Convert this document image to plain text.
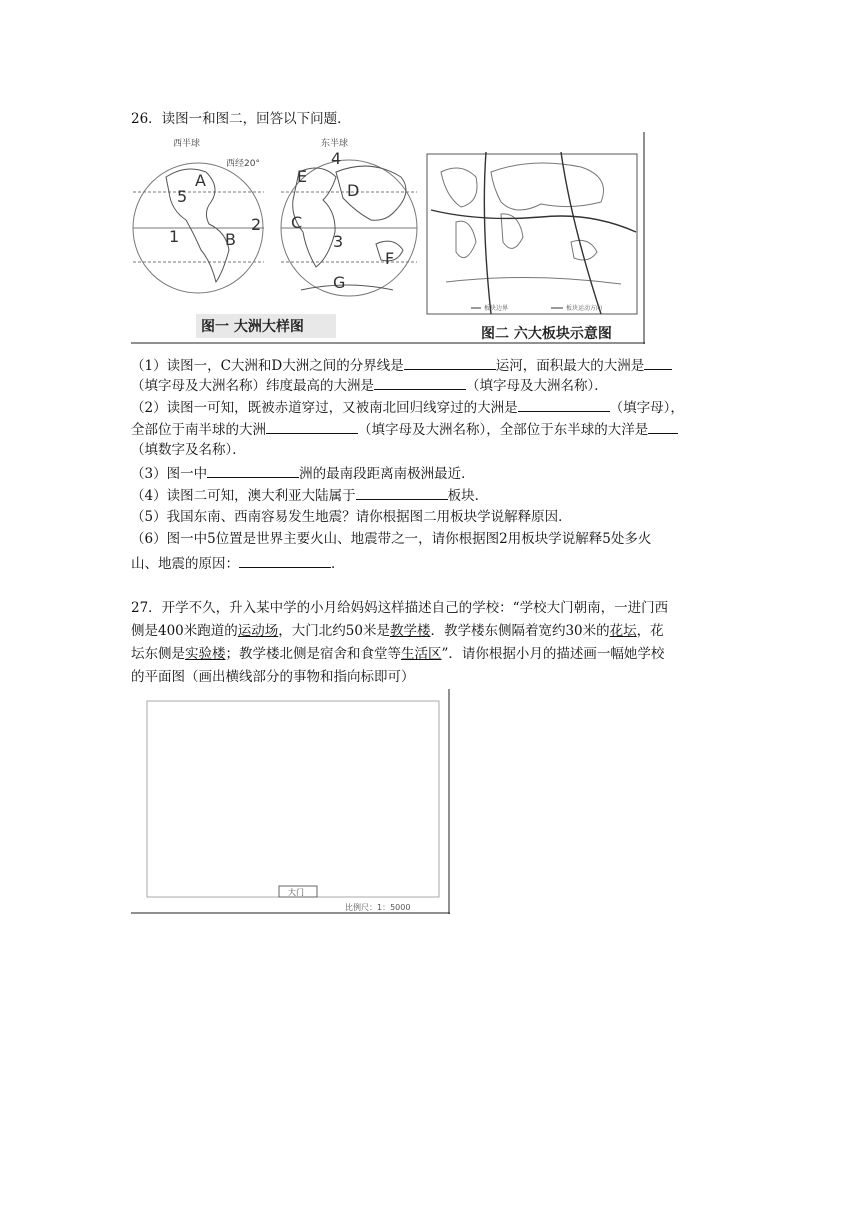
26．读图一和图二，回答以下问题．
西半球
西经20°
东半球
A
B
C
D
E
F
G
1
2
3
4
5
图一 大洲大样图
板块边界	板块运动方向
图二 六大板块示意图
（1）读图一，C大洲和D大洲之间的分界线是	运河，面积最大的大洲是
（填字母及大洲名称）纬度最高的大洲是	（填字母及大洲名称）．
（2）读图一可知，既被赤道穿过，又被南北回归线穿过的大洲是	（填字母），
全部位于南半球的大洲	（填字母及大洲名称），全部位于东半球的大洋是
（填数字及名称）．
（3）图一中	洲的最南段距离南极洲最近．
（4）读图二可知，澳大利亚大陆属于	板块．
（5）我国东南、西南容易发生地震？请你根据图二用板块学说解释原因．
（6）图一中5位置是世界主要火山、地震带之一，请你根据图2用板块学说解释5处多火
山、地震的原因：	．
27．开学不久，升入某中学的小月给妈妈这样描述自己的学校：“学校大门朝南，一进门西
侧是400米跑道的运动场，大门北约50米是教学楼．教学楼东侧隔着宽约30米的花坛，花
坛东侧是实验楼；教学楼北侧是宿舍和食堂等生活区”．请你根据小月的描述画一幅她学校
的平面图（画出横线部分的事物和指向标即可）
大门
比例尺：1：5000
